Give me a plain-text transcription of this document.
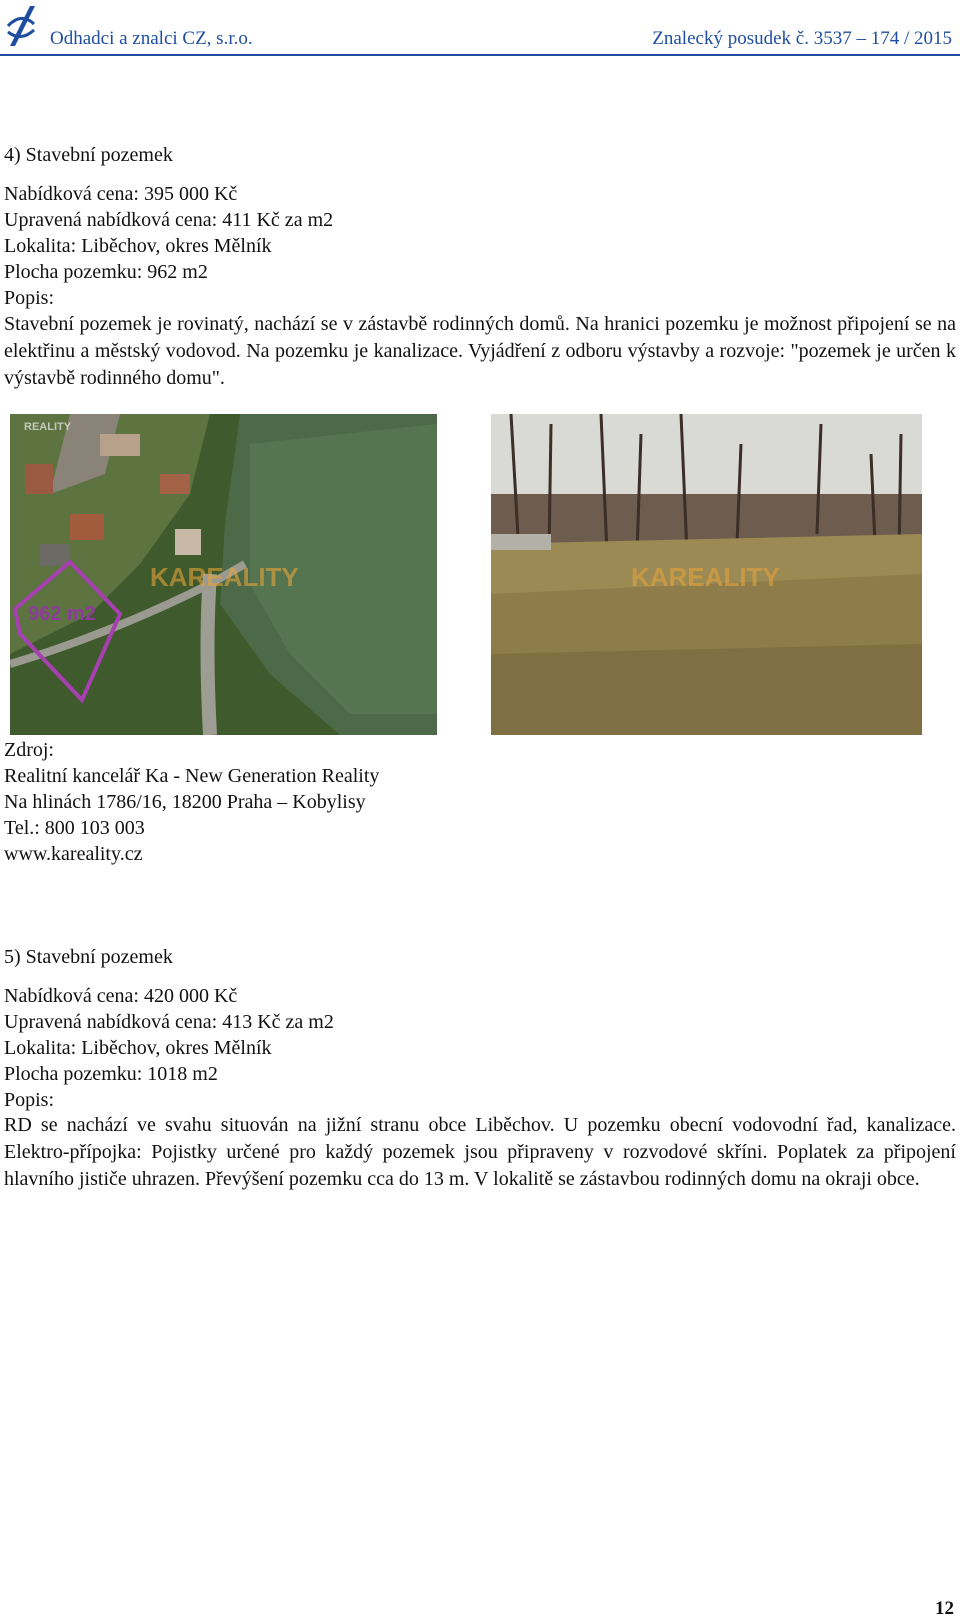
Odhadci a znalci CZ, s.r.o.	Znalecký posudek č. 3537 – 174 / 2015
4) Stavební pozemek
Nabídková cena: 395 000 Kč
Upravená nabídková cena: 411 Kč za m2
Lokalita: Liběchov, okres Mělník
Plocha pozemku: 962 m2
Popis:
Stavební pozemek je rovinatý, nachází se v zástavbě rodinných domů. Na hranici pozemku je možnost připojení se na elektřinu a městský vodovod. Na pozemku je kanalizace. Vyjádření z odboru výstavby a rozvoje: "pozemek je určen k výstavbě rodinného domu".
962 m2
KAREALITY
REALITY
KAREALITY
Zdroj:
Realitní kancelář Ka - New Generation Reality
Na hlinách 1786/16, 18200 Praha – Kobylisy
Tel.: 800 103 003
www.kareality.cz
5) Stavební pozemek
Nabídková cena: 420 000 Kč
Upravená nabídková cena: 413 Kč za m2
Lokalita: Liběchov, okres Mělník
Plocha pozemku: 1018 m2
Popis:
RD se nachází ve svahu situován na jižní stranu obce Liběchov. U pozemku obecní vodovodní řad, kanalizace. Elektro-přípojka: Pojistky určené pro každý pozemek jsou připraveny v rozvodové skříni. Poplatek za připojení hlavního jističe uhrazen. Převýšení pozemku cca do 13 m. V lokalitě se zástavbou rodinných domu na okraji obce.
12
